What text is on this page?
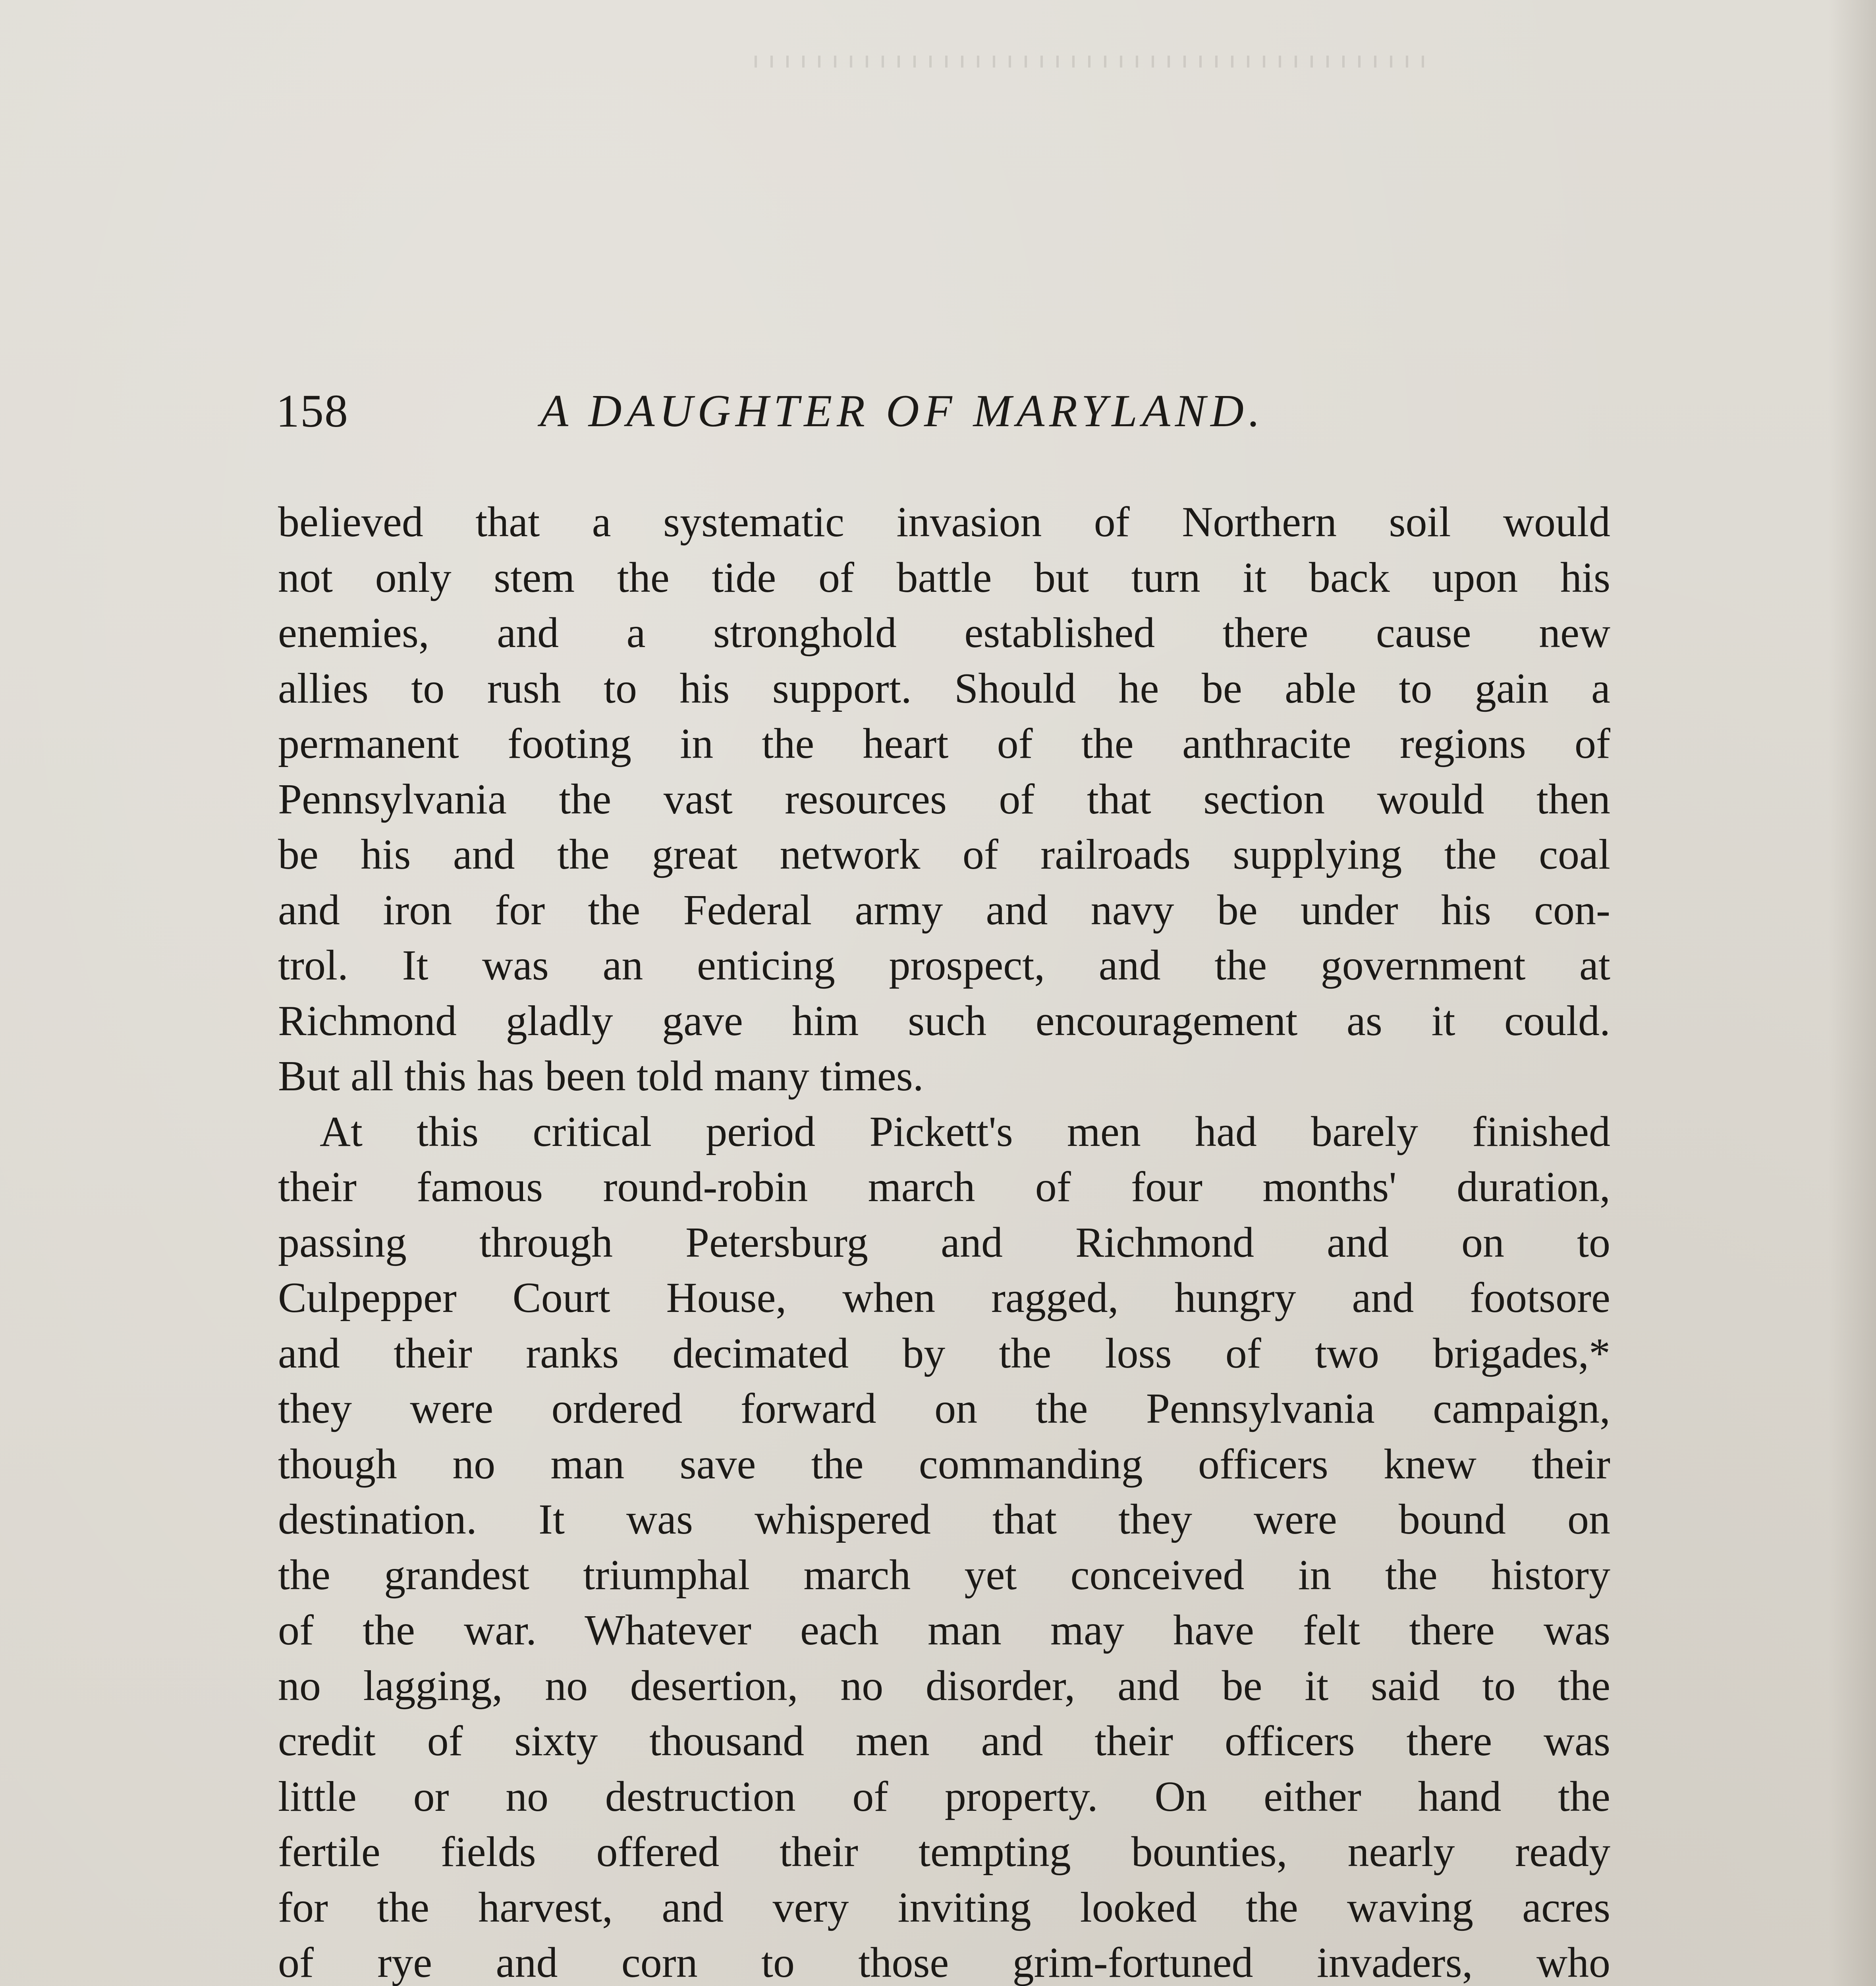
158	A DAUGHTER OF MARYLAND.
believed that a systematic invasion of Northern soil would
not only stem the tide of battle but turn it back upon his
enemies, and a stronghold established there cause new
allies to rush to his support. Should he be able to gain a
permanent footing in the heart of the anthracite regions of
Pennsylvania the vast resources of that section would then
be his and the great network of railroads supplying the coal
and iron for the Federal army and navy be under his con-
trol. It was an enticing prospect, and the government at
Richmond gladly gave him such encouragement as it could.
But all this has been told many times.
At this critical period Pickett's men had barely finished
their famous round-robin march of four months' duration,
passing through Petersburg and Richmond and on to
Culpepper Court House, when ragged, hungry and footsore
and their ranks decimated by the loss of two brigades,*
they were ordered forward on the Pennsylvania campaign,
though no man save the commanding officers knew their
destination. It was whispered that they were bound on
the grandest triumphal march yet conceived in the history
of the war. Whatever each man may have felt there was
no lagging, no desertion, no disorder, and be it said to the
credit of sixty thousand men and their officers there was
little or no destruction of property. On either hand the
fertile fields offered their tempting bounties, nearly ready
for the harvest, and very inviting looked the waving acres
of rye and corn to those grim-fortuned invaders, who
